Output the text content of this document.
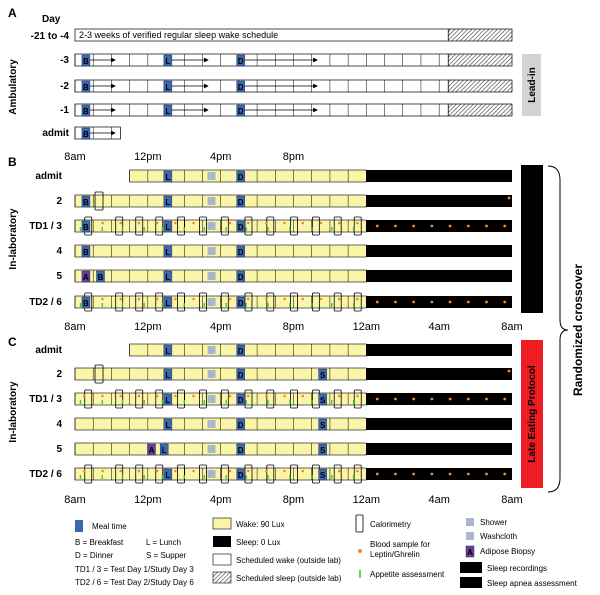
A
B
C
Day
Ambulatory
-21 to -4
-3
-2
-1
admit
2-3 weeks of verified regular sleep wake schedule
B	L	D
B	L	D
B	L	D
B
Lead-in
8am	12pm	4pm	8pm
In-laboratory
admit	PSG & OSA
L	D
2	B	L	D
TD1 / 3	B	L	D
4	B	L	D
5	PSG
A B	L	D
TD2 / 6	B	L	D
8am	12pm	4pm	8pm	12am	4am	8am
In-laboratory
admit	PSG & OSA
L	D
2	L	D	S
TD1 / 3	L	D	S
4	L	D	S
5	PSG
A L	D	S
TD2 / 6	L	D	S
8am	12pm	4pm	8pm	12am	4am	8am
Early Eating Protocol
Late Eating Protocol
Randomized crossover
Meal time
B = Breakfast	L = Lunch
D = Dinner	S = Supper
TD1 / 3 = Test Day 1/Study Day 3
TD2 / 6 = Test Day 2/Study Day 6
Wake: 90 Lux
Sleep: 0 Lux
Scheduled wake (outside lab)
Scheduled sleep (outside lab)
Calorimetry
Blood sample for
Leptin/Ghrelin
Appetite assessment
Shower
Washcloth
A Adipose Biopsy
PSG Sleep recordings
OSA Sleep apnea assessment
